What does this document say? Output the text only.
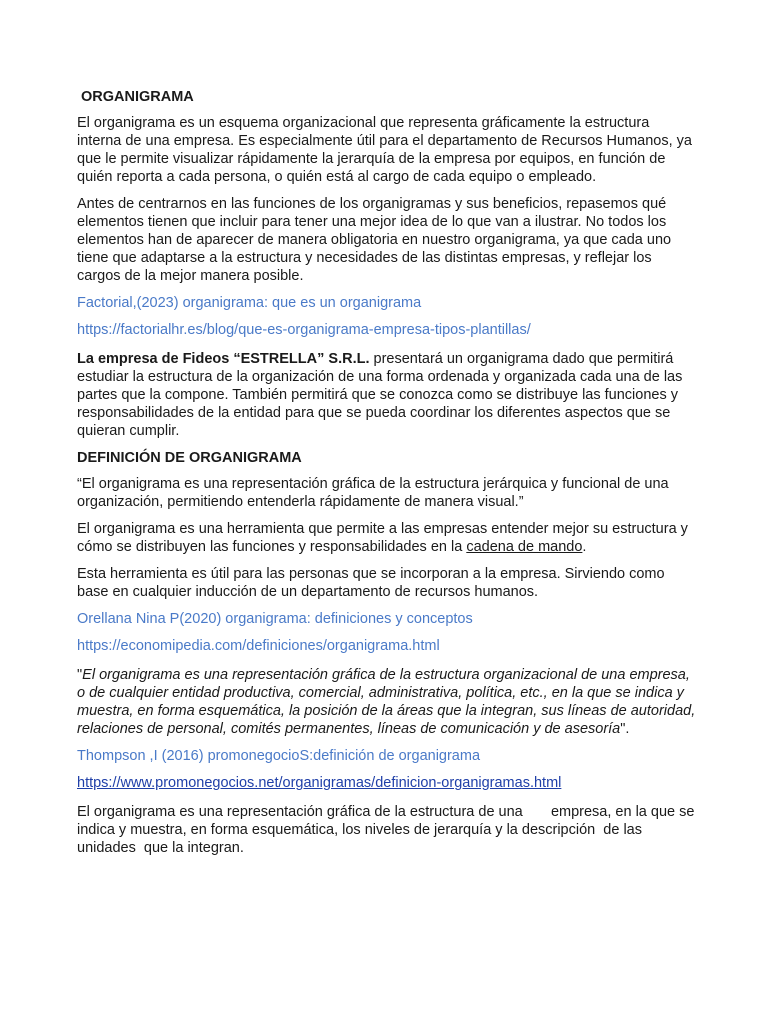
ORGANIGRAMA

El organigrama es un esquema organizacional que representa gráficamente la estructura interna de una empresa. Es especialmente útil para el departamento de Recursos Humanos, ya que le permite visualizar rápidamente la jerarquía de la empresa por equipos, en función de quién reporta a cada persona, o quién está al cargo de cada equipo o empleado.

Antes de centrarnos en las funciones de los organigramas y sus beneficios, repasemos qué elementos tienen que incluir para tener una mejor idea de lo que van a ilustrar. No todos los elementos han de aparecer de manera obligatoria en nuestro organigrama, ya que cada uno tiene que adaptarse a la estructura y necesidades de las distintas empresas, y reflejar los cargos de la mejor manera posible.

Factorial,(2023) organigrama: que es un organigrama
https://factorialhr.es/blog/que-es-organigrama-empresa-tipos-plantillas/

La empresa de Fideos “ESTRELLA” S.R.L. presentará un organigrama dado que permitirá estudiar la estructura de la organización de una forma ordenada y organizada cada una de las partes que la compone. También permitirá que se conozca como se distribuye las funciones y responsabilidades de la entidad para que se pueda coordinar los diferentes aspectos que se quieran cumplir.

DEFINICIÓN DE ORGANIGRAMA

“El organigrama es una representación gráfica de la estructura jerárquica y funcional de una organización, permitiendo entenderla rápidamente de manera visual.”

El organigrama es una herramienta que permite a las empresas entender mejor su estructura y cómo se distribuyen las funciones y responsabilidades en la cadena de mando.

Esta herramienta es útil para las personas que se incorporan a la empresa. Sirviendo como base en cualquier inducción de un departamento de recursos humanos.

Orellana Nina P(2020) organigrama: definiciones y conceptos
https://economipedia.com/definiciones/organigrama.html

"El organigrama es una representación gráfica de la estructura organizacional de una empresa, o de cualquier entidad productiva, comercial, administrativa, política, etc., en la que se indica y muestra, en forma esquemática, la posición de la áreas que la integran, sus líneas de autoridad, relaciones de personal, comités permanentes, líneas de comunicación y de asesoría".

Thompson ,I (2016) promonegocioS:definición de organigrama
https://www.promonegocios.net/organigramas/definicion-organigramas.html

El organigrama es una representación gráfica de la estructura de una       empresa, en la que se indica y muestra, en forma esquemática, los niveles de jerarquía y la descripción  de las unidades  que la integran.
